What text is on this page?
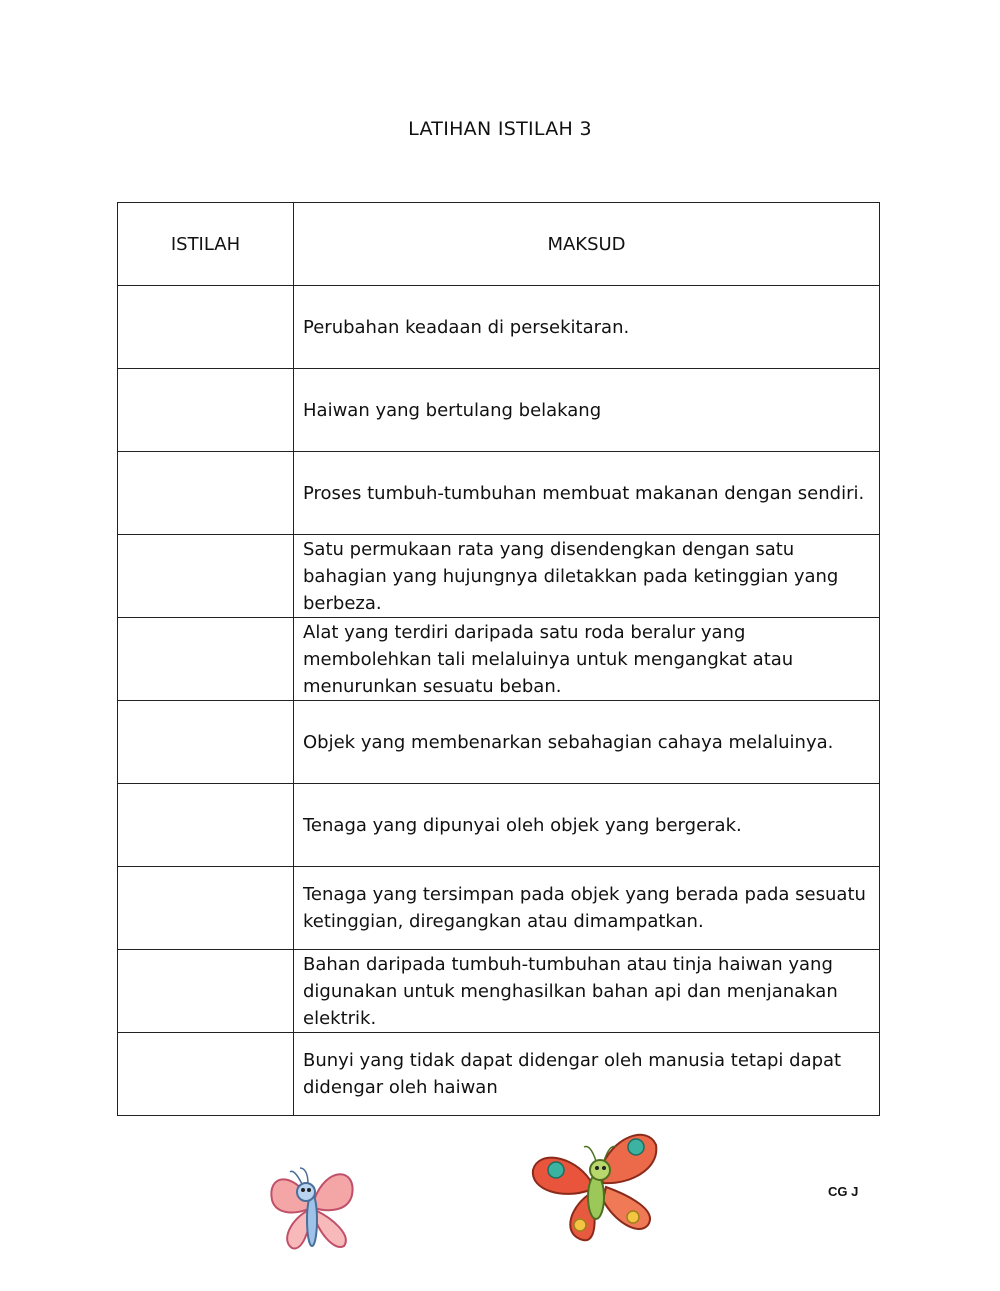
LATIHAN ISTILAH 3
ISTILAH	MAKSUD
	Perubahan keadaan di persekitaran.
	Haiwan yang bertulang belakang
	Proses tumbuh-tumbuhan membuat makanan dengan sendiri.
	Satu permukaan rata yang disendengkan dengan satu bahagian yang hujungnya diletakkan pada ketinggian yang berbeza.
	Alat yang terdiri daripada satu roda beralur yang membolehkan tali melaluinya untuk mengangkat atau menurunkan sesuatu beban.
	Objek yang membenarkan sebahagian cahaya melaluinya.
	Tenaga yang dipunyai oleh objek yang bergerak.
	Tenaga yang tersimpan pada objek yang berada pada sesuatu ketinggian, diregangkan atau dimampatkan.
	Bahan daripada tumbuh-tumbuhan atau tinja haiwan yang digunakan untuk menghasilkan bahan api dan menjanakan elektrik.
	Bunyi yang tidak dapat didengar oleh manusia tetapi dapat didengar oleh haiwan
CG J
